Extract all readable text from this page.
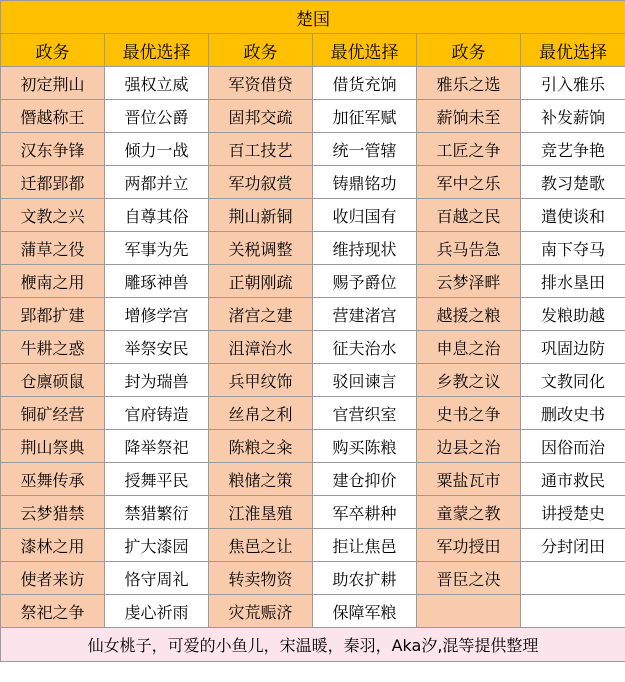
楚国					
政务	最优选择	政务	最优选择	政务	最优选择
初定荆山	强权立威	军资借贷	借货充饷	雅乐之选	引入雅乐
僭越称王	晋位公爵	固邦交疏	加征军赋	薪饷未至	补发薪饷
汉东争锋	倾力一战	百工技艺	统一管辖	工匠之争	竞艺争艳
迁都郢都	两都并立	军功叙赏	铸鼎铭功	军中之乐	教习楚歌
文教之兴	自尊其俗	荆山新铜	收归国有	百越之民	遣使谈和
蒲草之役	军事为先	关税调整	维持现状	兵马告急	南下夺马
楩南之用	雕琢神兽	正朝刚疏	赐予爵位	云梦泽畔	排水垦田
郢都扩建	增修学宫	渚宫之建	营建渚宫	越援之粮	发粮助越
牛耕之惑	举祭安民	沮漳治水	征夫治水	申息之治	巩固边防
仓廪硕鼠	封为瑞兽	兵甲纹饰	驳回谏言	乡教之议	文教同化
铜矿经营	官府铸造	丝帛之利	官营织室	史书之争	删改史书
荆山祭典	降举祭祀	陈粮之籴	购买陈粮	边县之治	因俗而治
巫舞传承	授舞平民	粮储之策	建仓抑价	粟盐瓦市	通市救民
云梦猎禁	禁猎繁衍	江淮垦殖	军卒耕种	童蒙之教	讲授楚史
漆林之用	扩大漆园	焦邑之让	拒让焦邑	军功授田	分封闭田
使者来访	恪守周礼	转卖物资	助农扩耕	晋臣之决	
祭祀之争	虔心祈雨	灾荒赈济	保障军粮		
仙女桃子，可爱的小鱼儿，宋温暖，秦羽，Aka汐,混等提供整理					
